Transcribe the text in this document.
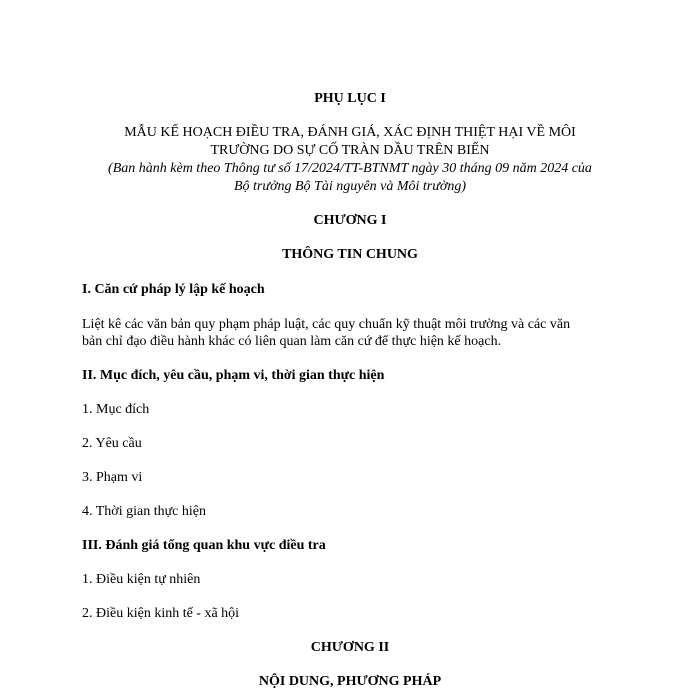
PHỤ LỤC I

MẪU KẾ HOẠCH ĐIỀU TRA, ĐÁNH GIÁ, XÁC ĐỊNH THIỆT HẠI VỀ MÔI

TRƯỜNG DO SỰ CỐ TRÀN DẦU TRÊN BIỂN

(Ban hành kèm theo Thông tư số 17/2024/TT-BTNMT ngày 30 tháng 09 năm 2024 của

Bộ trưởng Bộ Tài nguyên và Môi trường)

CHƯƠNG I

THÔNG TIN CHUNG

I. Căn cứ pháp lý lập kế hoạch

Liệt kê các văn bản quy phạm pháp luật, các quy chuẩn kỹ thuật môi trường và các văn

bản chỉ đạo điều hành khác có liên quan làm căn cứ để thực hiện kế hoạch.

II. Mục đích, yêu cầu, phạm vi, thời gian thực hiện

1. Mục đích

2. Yêu cầu

3. Phạm vi

4. Thời gian thực hiện

III. Đánh giá tổng quan khu vực điều tra

1. Điều kiện tự nhiên

2. Điều kiện kinh tế - xã hội

CHƯƠNG II

NỘI DUNG, PHƯƠNG PHÁP
